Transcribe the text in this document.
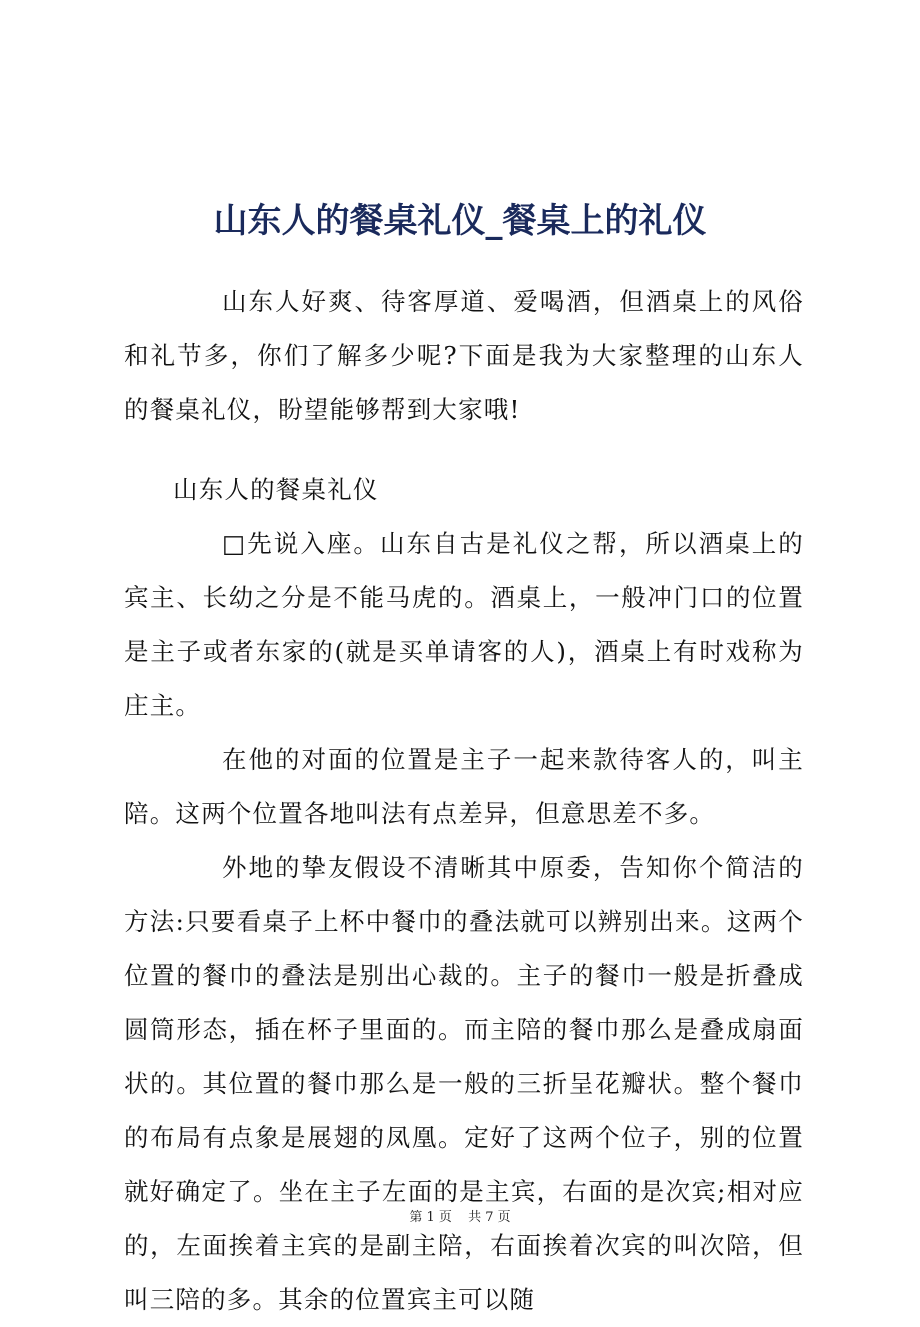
山东人的餐桌礼仪_餐桌上的礼仪

山东人好爽、待客厚道、爱喝酒，但酒桌上的风俗和礼节多，你们了解多少呢?下面是我为大家整理的山东人的餐桌礼仪，盼望能够帮到大家哦!

山东人的餐桌礼仪

□先说入座。山东自古是礼仪之帮，所以酒桌上的宾主、长幼之分是不能马虎的。酒桌上，一般冲门口的位置是主子或者东家的(就是买单请客的人)，酒桌上有时戏称为庄主。

在他的对面的位置是主子一起来款待客人的，叫主陪。这两个位置各地叫法有点差异，但意思差不多。

外地的挚友假设不清晰其中原委，告知你个简洁的方法:只要看桌子上杯中餐巾的叠法就可以辨别出来。这两个位置的餐巾的叠法是别出心裁的。主子的餐巾一般是折叠成圆筒形态，插在杯子里面的。而主陪的餐巾那么是叠成扇面状的。其位置的餐巾那么是一般的三折呈花瓣状。整个餐巾的布局有点象是展翅的凤凰。定好了这两个位子，别的位置就好确定了。坐在主子左面的是主宾，右面的是次宾;相对应的，左面挨着主宾的是副主陪，右面挨着次宾的叫次陪，但叫三陪的多。其余的位置宾主可以随

第 1 页 共 7 页
